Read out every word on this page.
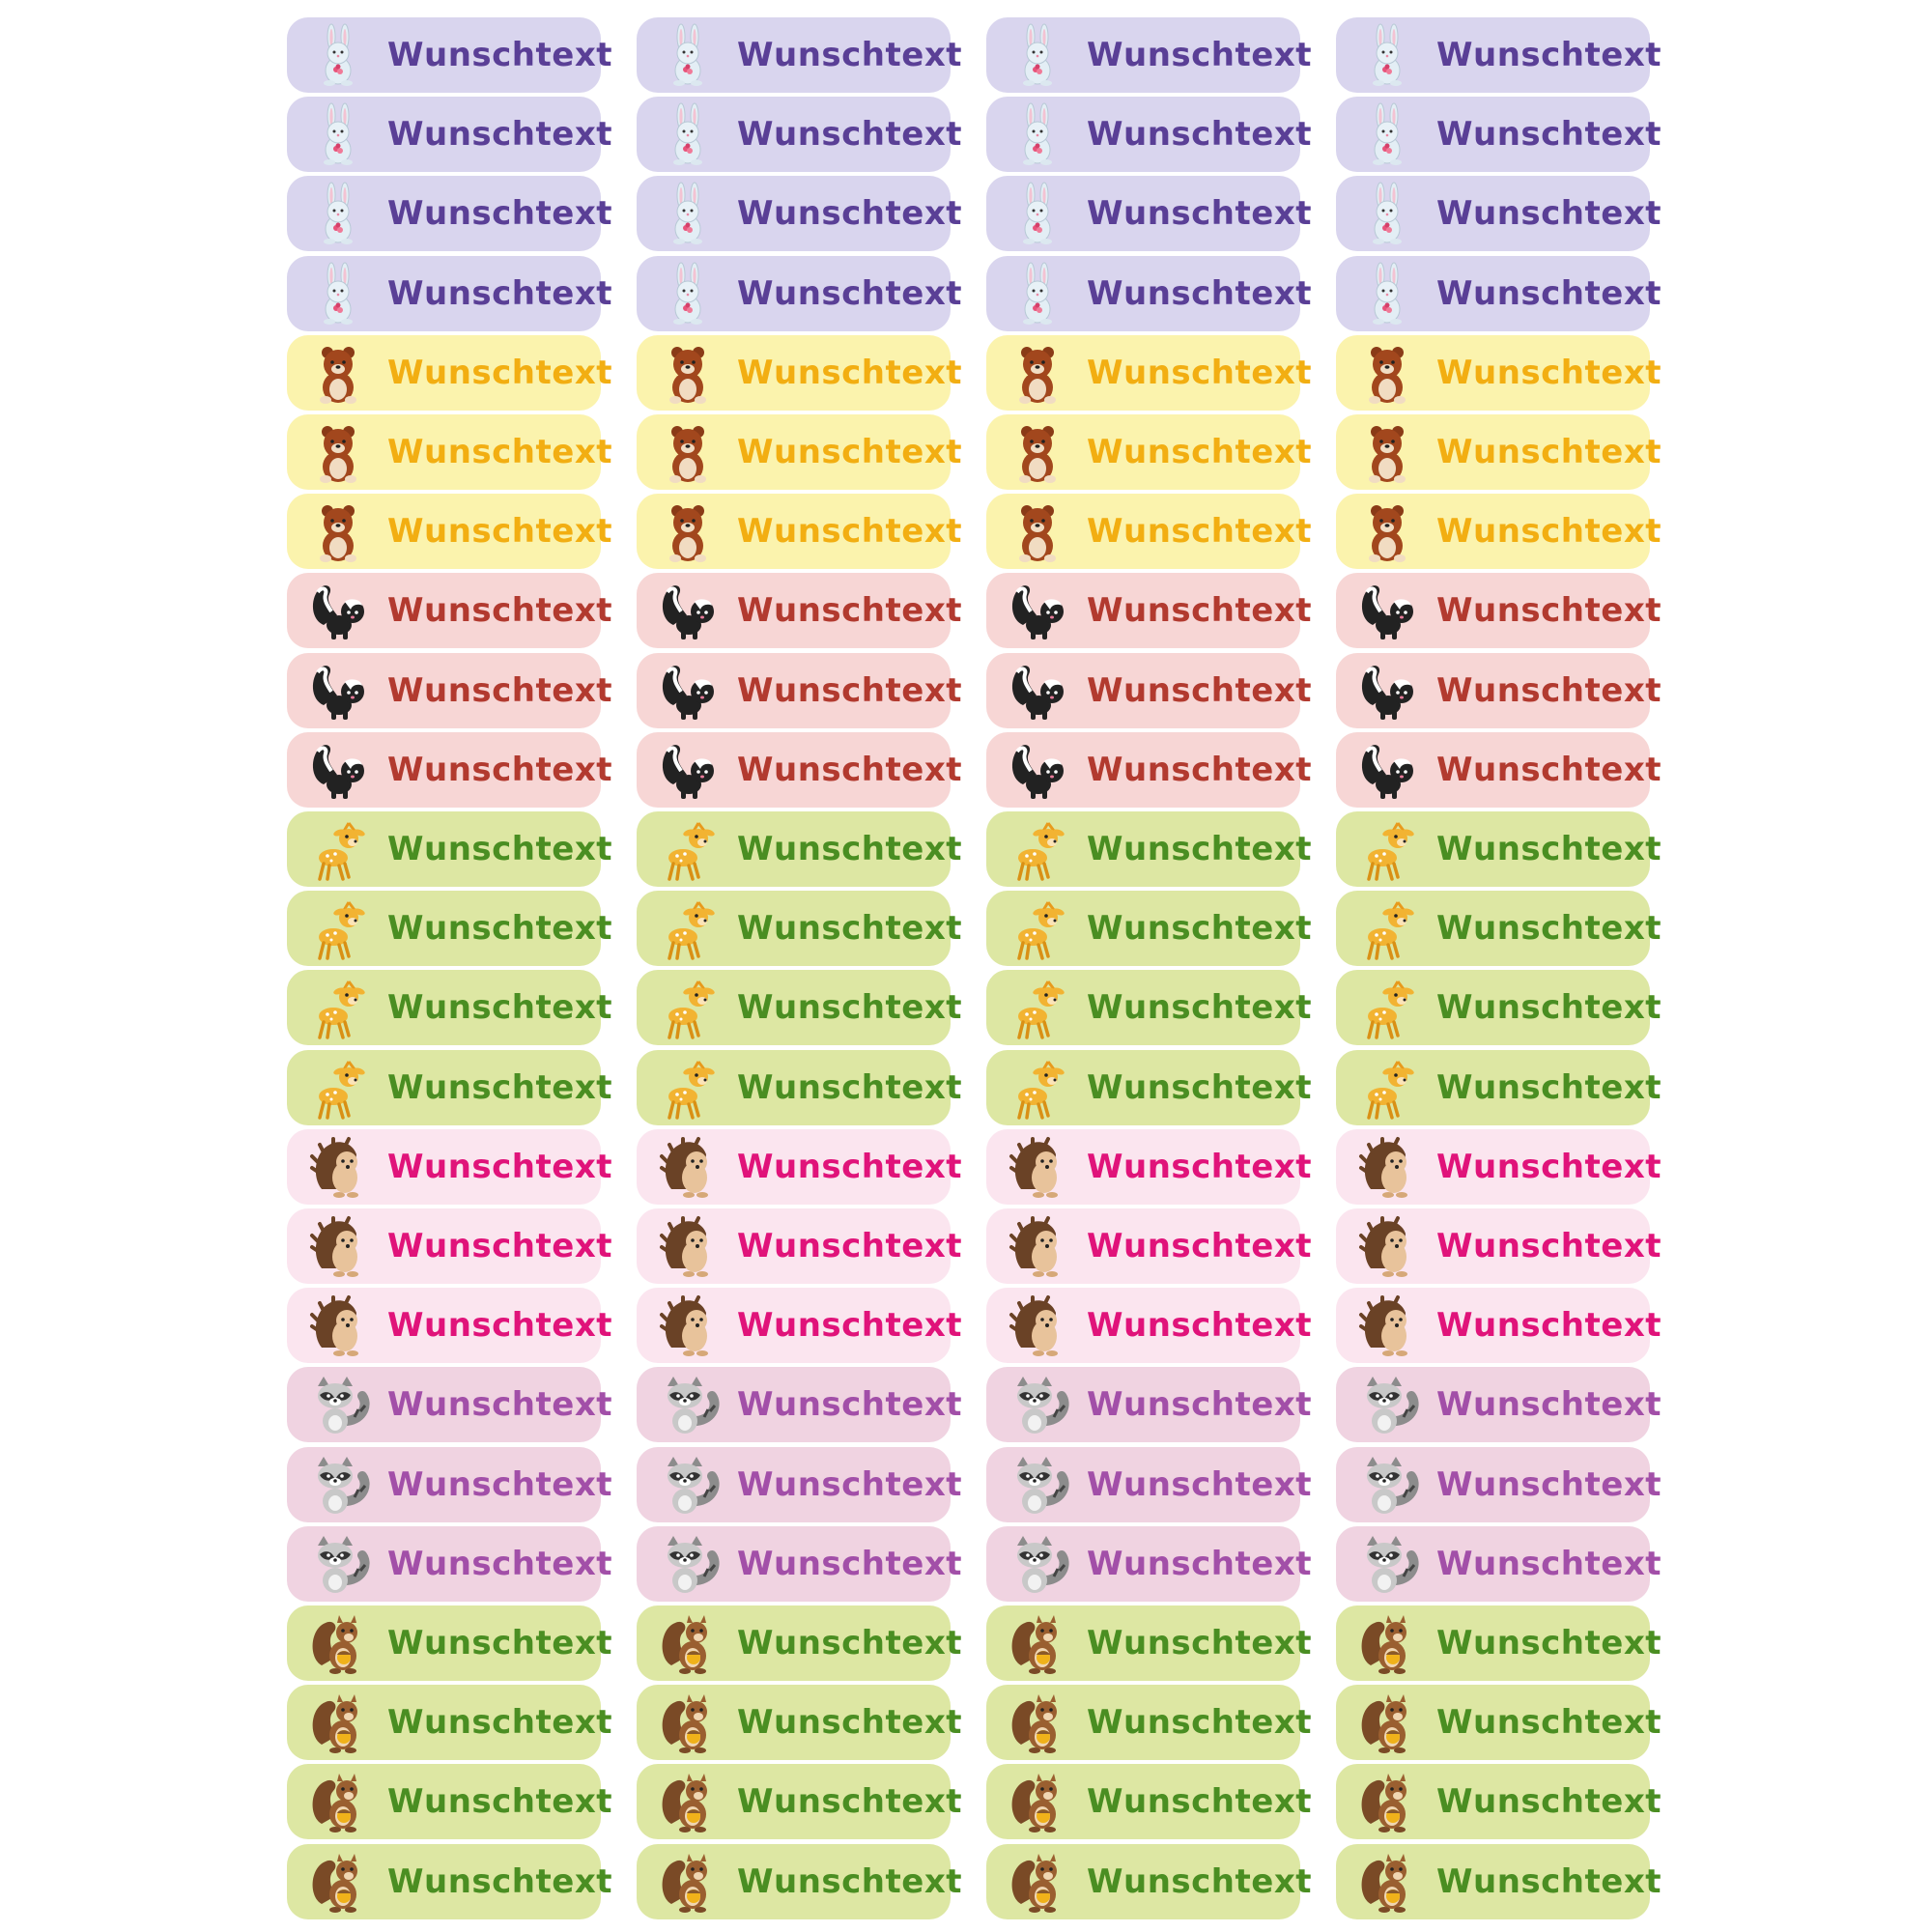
Wunschtext	Wunschtext	Wunschtext	Wunschtext
Wunschtext	Wunschtext	Wunschtext	Wunschtext
Wunschtext	Wunschtext	Wunschtext	Wunschtext
Wunschtext	Wunschtext	Wunschtext	Wunschtext
Wunschtext	Wunschtext	Wunschtext	Wunschtext
Wunschtext	Wunschtext	Wunschtext	Wunschtext
Wunschtext	Wunschtext	Wunschtext	Wunschtext
Wunschtext	Wunschtext	Wunschtext	Wunschtext
Wunschtext	Wunschtext	Wunschtext	Wunschtext
Wunschtext	Wunschtext	Wunschtext	Wunschtext
Wunschtext	Wunschtext	Wunschtext	Wunschtext
Wunschtext	Wunschtext	Wunschtext	Wunschtext
Wunschtext	Wunschtext	Wunschtext	Wunschtext
Wunschtext	Wunschtext	Wunschtext	Wunschtext
Wunschtext	Wunschtext	Wunschtext	Wunschtext
Wunschtext	Wunschtext	Wunschtext	Wunschtext
Wunschtext	Wunschtext	Wunschtext	Wunschtext
Wunschtext	Wunschtext	Wunschtext	Wunschtext
Wunschtext	Wunschtext	Wunschtext	Wunschtext
Wunschtext	Wunschtext	Wunschtext	Wunschtext
Wunschtext	Wunschtext	Wunschtext	Wunschtext
Wunschtext	Wunschtext	Wunschtext	Wunschtext
Wunschtext	Wunschtext	Wunschtext	Wunschtext
Wunschtext	Wunschtext	Wunschtext	Wunschtext
